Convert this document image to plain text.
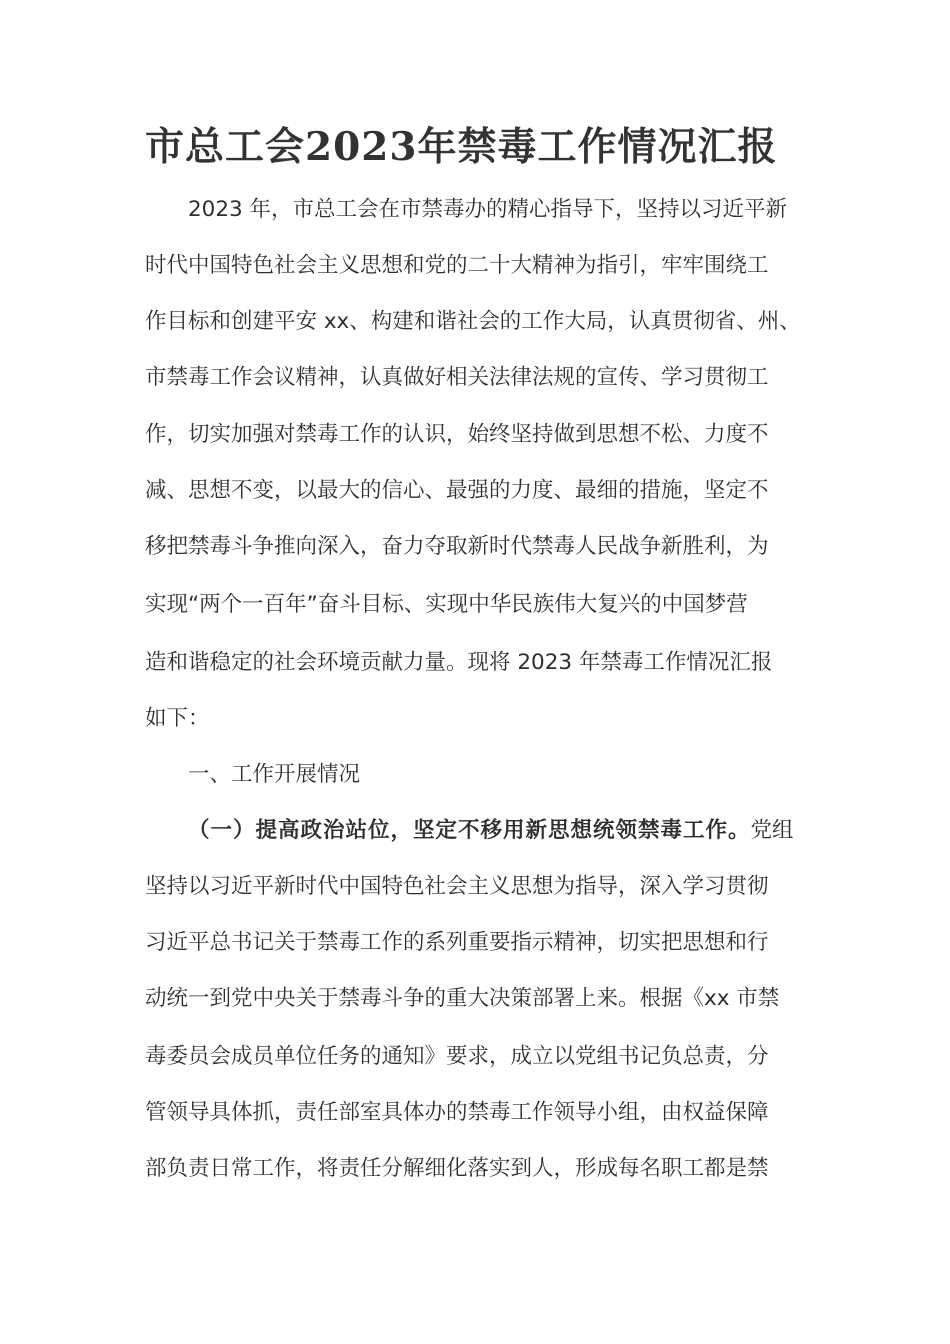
市总工会2023年禁毒工作情况汇报

2023 年，市总工会在市禁毒办的精心指导下，坚持以习近平新

时代中国特色社会主义思想和党的二十大精神为指引，牢牢围绕工

作目标和创建平安 xx、构建和谐社会的工作大局，认真贯彻省、州、

市禁毒工作会议精神，认真做好相关法律法规的宣传、学习贯彻工

作，切实加强对禁毒工作的认识，始终坚持做到思想不松、力度不

减、思想不变，以最大的信心、最强的力度、最细的措施，坚定不

移把禁毒斗争推向深入，奋力夺取新时代禁毒人民战争新胜利，为

实现“两个一百年”奋斗目标、实现中华民族伟大复兴的中国梦营

造和谐稳定的社会环境贡献力量。现将 2023 年禁毒工作情况汇报

如下：

一、工作开展情况

（一）提高政治站位，坚定不移用新思想统领禁毒工作。党组

坚持以习近平新时代中国特色社会主义思想为指导，深入学习贯彻

习近平总书记关于禁毒工作的系列重要指示精神，切实把思想和行

动统一到党中央关于禁毒斗争的重大决策部署上来。根据《xx 市禁

毒委员会成员单位任务的通知》要求，成立以党组书记负总责，分

管领导具体抓，责任部室具体办的禁毒工作领导小组，由权益保障

部负责日常工作，将责任分解细化落实到人，形成每名职工都是禁
